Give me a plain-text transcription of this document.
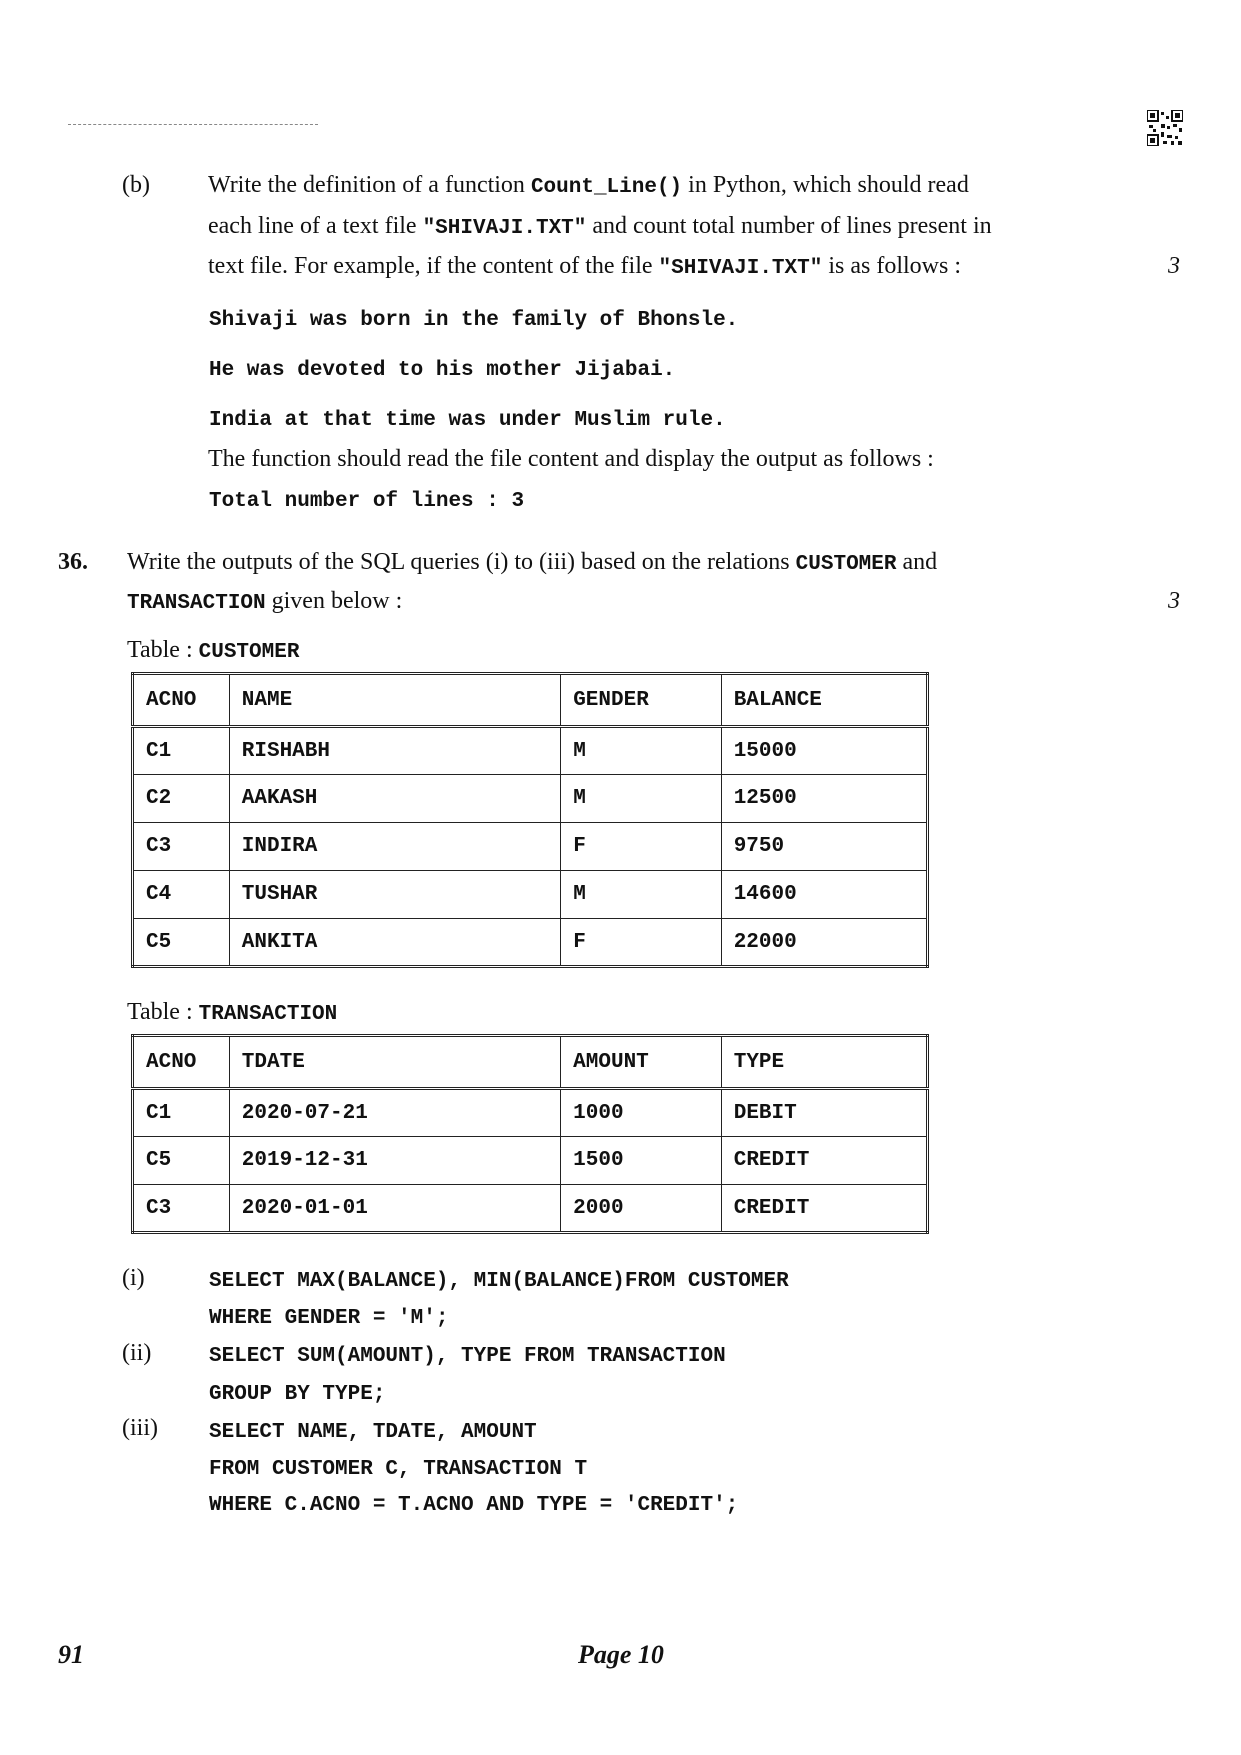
(b) Write the definition of a function Count_Line() in Python, which should read
each line of a text file "SHIVAJI.TXT" and count total number of lines present in
text file. For example, if the content of the file "SHIVAJI.TXT" is as follows :	3
Shivaji was born in the family of Bhonsle.
He was devoted to his mother Jijabai.
India at that time was under Muslim rule.
The function should read the file content and display the output as follows :
Total number of lines : 3
36. Write the outputs of the SQL queries (i) to (iii) based on the relations CUSTOMER and
TRANSACTION given below :	3
Table : CUSTOMER
ACNO	NAME	GENDER	BALANCE
C1	RISHABH	M	15000
C2	AAKASH	M	12500
C3	INDIRA	F	9750
C4	TUSHAR	M	14600
C5	ANKITA	F	22000
Table : TRANSACTION
ACNO	TDATE	AMOUNT	TYPE
C1	2020-07-21	1000	DEBIT
C5	2019-12-31	1500	CREDIT
C3	2020-01-01	2000	CREDIT
(i)	SELECT MAX(BALANCE), MIN(BALANCE)FROM CUSTOMER
WHERE GENDER = 'M';
(ii)	SELECT SUM(AMOUNT), TYPE FROM TRANSACTION
GROUP BY TYPE;
(iii) SELECT NAME, TDATE, AMOUNT
FROM CUSTOMER C, TRANSACTION T
WHERE C.ACNO = T.ACNO AND TYPE = 'CREDIT';
91	Page 10
